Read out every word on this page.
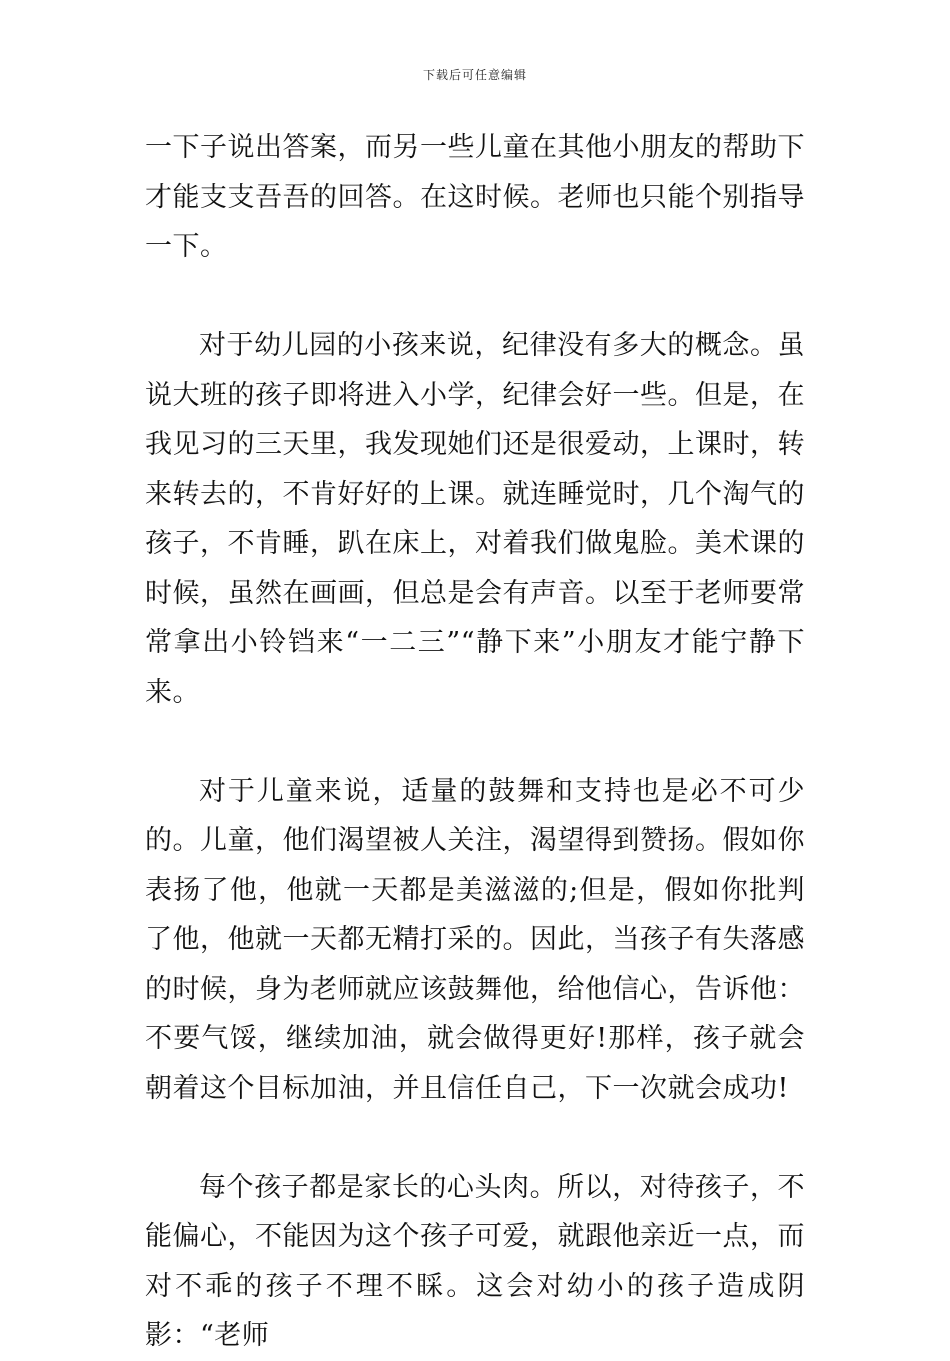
下载后可任意编辑

一下子说出答案，而另一些儿童在其他小朋友的帮助下才能支支吾吾的回答。在这时候。老师也只能个别指导一下。

对于幼儿园的小孩来说，纪律没有多大的概念。虽说大班的孩子即将进入小学，纪律会好一些。但是，在我见习的三天里，我发现她们还是很爱动，上课时，转来转去的，不肯好好的上课。就连睡觉时，几个淘气的孩子，不肯睡，趴在床上，对着我们做鬼脸。美术课的时候，虽然在画画，但总是会有声音。以至于老师要常常拿出小铃铛来“一二三”“静下来”小朋友才能宁静下来。

对于儿童来说，适量的鼓舞和支持也是必不可少的。儿童，他们渴望被人关注，渴望得到赞扬。假如你表扬了他，他就一天都是美滋滋的;但是，假如你批判了他，他就一天都无精打采的。因此，当孩子有失落感的时候，身为老师就应该鼓舞他，给他信心，告诉他：不要气馁，继续加油，就会做得更好!那样，孩子就会朝着这个目标加油，并且信任自己，下一次就会成功!

每个孩子都是家长的心头肉。所以，对待孩子，不能偏心，不能因为这个孩子可爱，就跟他亲近一点，而对不乖的孩子不理不睬。这会对幼小的孩子造成阴影：“老师
